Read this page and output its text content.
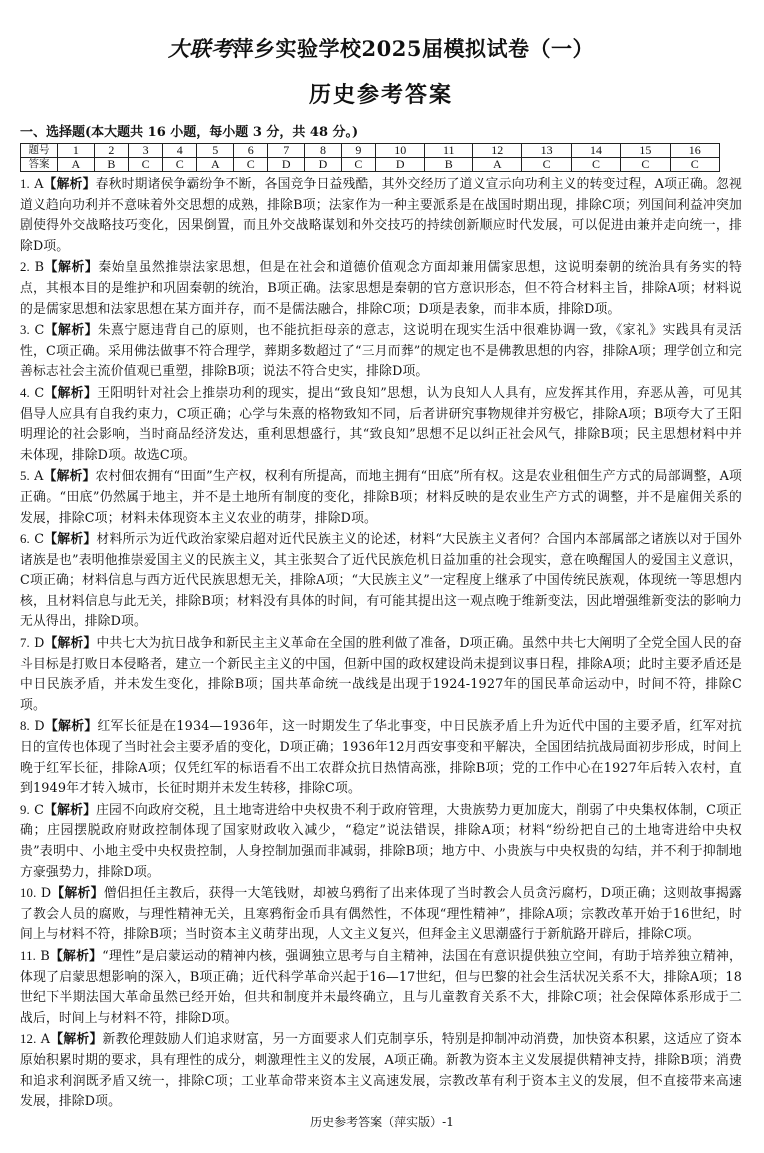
大联考萍乡实验学校2025届模拟试卷（一）
历史参考答案
一、选择题(本大题共 16 小题，每小题 3 分，共 48 分。)
题号	1	2	3	4	5	6	7	8	9	10	11	12	13	14	15	16
答案	A	B	C	C	A	C	D	D	C	D	B	A	C	C	C	C

1. A【解析】春秋时期诸侯争霸纷争不断，各国竞争日益残酷，其外交经历了道义宣示向功利主义的转变过程，A项正确。忽视道义趋向功利并不意味着外交思想的成熟，排除B项；法家作为一种主要派系是在战国时期出现，排除C项；列国间利益冲突加剧使得外交战略技巧变化，因果倒置，而且外交战略谋划和外交技巧的持续创新顺应时代发展，可以促进由兼并走向统一，排除D项。

2. B【解析】秦始皇虽然推崇法家思想，但是在社会和道德价值观念方面却兼用儒家思想，这说明秦朝的统治具有务实的特点，其根本目的是维护和巩固秦朝的统治，B项正确。法家思想是秦朝的官方意识形态，但不符合材料主旨，排除A项；材料说的是儒家思想和法家思想在某方面并存，而不是儒法融合，排除C项；D项是表象，而非本质，排除D项。

3. C【解析】朱熹宁愿违背自己的原则，也不能抗拒母亲的意志，这说明在现实生活中很难协调一致，《家礼》实践具有灵活性，C项正确。采用佛法做事不符合理学，葬期多数超过了“三月而葬”的规定也不是佛教思想的内容，排除A项；理学创立和完善标志社会主流价值观已重塑，排除B项；说法不符合史实，排除D项。

4. C【解析】王阳明针对社会上推崇功利的现实，提出“致良知”思想，认为良知人人具有，应发挥其作用，弃恶从善，可见其倡导人应具有自我约束力，C项正确；心学与朱熹的格物致知不同，后者讲研究事物规律并穷极它，排除A项；B项夸大了王阳明理论的社会影响，当时商品经济发达，重利思想盛行，其“致良知”思想不足以纠正社会风气，排除B项；民主思想材料中并未体现，排除D项。故选C项。

5. A【解析】农村佃农拥有“田面”生产权，权利有所提高，而地主拥有“田底”所有权。这是农业租佃生产方式的局部调整，A项正确。“田底”仍然属于地主，并不是土地所有制度的变化，排除B项；材料反映的是农业生产方式的调整，并不是雇佣关系的发展，排除C项；材料未体现资本主义农业的萌芽，排除D项。

6. C【解析】材料所示为近代政治家梁启超对近代民族主义的论述，材料“大民族主义者何？合国内本部属部之诸族以对于国外诸族是也”表明他推崇爱国主义的民族主义，其主张契合了近代民族危机日益加重的社会现实，意在唤醒国人的爱国主义意识，C项正确；材料信息与西方近代民族思想无关，排除A项；“大民族主义”一定程度上继承了中国传统民族观，体现统一等思想内核，且材料信息与此无关，排除B项；材料没有具体的时间，有可能其提出这一观点晚于维新变法，因此增强维新变法的影响力无从得出，排除D项。

7. D【解析】中共七大为抗日战争和新民主主义革命在全国的胜利做了准备，D项正确。虽然中共七大阐明了全党全国人民的奋斗目标是打败日本侵略者，建立一个新民主主义的中国，但新中国的政权建设尚未提到议事日程，排除A项；此时主要矛盾还是中日民族矛盾，并未发生变化，排除B项；国共革命统一战线是出现于1924-1927年的国民革命运动中，时间不符，排除C项。

8. D【解析】红军长征是在1934—1936年，这一时期发生了华北事变，中日民族矛盾上升为近代中国的主要矛盾，红军对抗日的宣传也体现了当时社会主要矛盾的变化，D项正确；1936年12月西安事变和平解决，全国团结抗战局面初步形成，时间上晚于红军长征，排除A项；仅凭红军的标语看不出工农群众抗日热情高涨，排除B项；党的工作中心在1927年后转入农村，直到1949年才转入城市，长征时期并未发生转移，排除C项。

9. C【解析】庄园不向政府交税，且土地寄进给中央权贵不利于政府管理，大贵族势力更加庞大，削弱了中央集权体制，C项正确；庄园摆脱政府财政控制体现了国家财政收入减少，“稳定”说法错误，排除A项；材料“纷纷把自己的土地寄进给中央权贵”表明中、小地主受中央权贵控制，人身控制加强而非减弱，排除B项；地方中、小贵族与中央权贵的勾结，并不利于抑制地方豪强势力，排除D项。

10. D【解析】僧侣担任主教后，获得一大笔钱财，却被乌鸦衔了出来体现了当时教会人员贪污腐朽，D项正确；这则故事揭露了教会人员的腐败，与理性精神无关，且寒鸦衔金币具有偶然性，不体现“理性精神”，排除A项；宗教改革开始于16世纪，时间上与材料不符，排除B项；当时资本主义萌芽出现，人文主义复兴，但拜金主义思潮盛行于新航路开辟后，排除C项。

11. B【解析】“理性”是启蒙运动的精神内核，强调独立思考与自主精神，法国在有意识提供独立空间，有助于培养独立精神，体现了启蒙思想影响的深入，B项正确；近代科学革命兴起于16—17世纪，但与巴黎的社会生活状况关系不大，排除A项；18世纪下半期法国大革命虽然已经开始，但共和制度并未最终确立，且与儿童教育关系不大，排除C项；社会保障体系形成于二战后，时间上与材料不符，排除D项。

12. A【解析】新教伦理鼓励人们追求财富，另一方面要求人们克制享乐，特别是抑制冲动消费，加快资本积累，这适应了资本原始积累时期的要求，具有理性的成分，刺激理性主义的发展，A项正确。新教为资本主义发展提供精神支持，排除B项；消费和追求利润既矛盾又统一，排除C项；工业革命带来资本主义高速发展，宗教改革有利于资本主义的发展，但不直接带来高速发展，排除D项。

历史参考答案（萍实版）-1
